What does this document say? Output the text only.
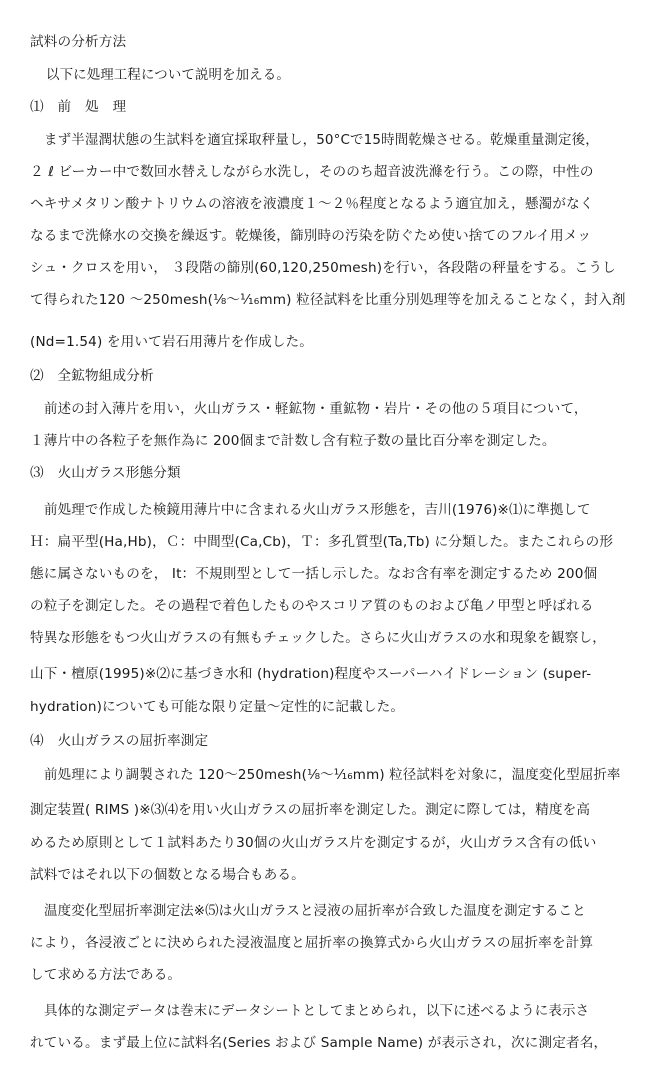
試料の分析方法
以下に処理工程について説明を加える。
⑴　前　処　理
まず半湿潤状態の生試料を適宜採取秤量し，50°Cで15時間乾燥させる。乾燥重量測定後，
２ ℓ ビーカー中で数回水替えしながら水洗し，そののち超音波洗滌を行う。この際，中性の
ヘキサメタリン酸ナトリウムの溶液を液濃度１～２％程度となるよう適宜加え，懸濁がなく
なるまで洗條水の交換を繰返す。乾燥後，篩別時の汚染を防ぐため使い捨てのフルイ用メッ
シュ・クロスを用い， ３段階の篩別(60,120,250mesh)を行い，各段階の秤量をする。こうし
て得られた120 ～250mesh(⅛～¹⁄₁₆mm) 粒径試料を比重分別処理等を加えることなく，封入剤
(Nd=1.54) を用いて岩石用薄片を作成した。
⑵　全鉱物組成分析
前述の封入薄片を用い，火山ガラス・軽鉱物・重鉱物・岩片・その他の５項目について，
１薄片中の各粒子を無作為に 200個まで計数し含有粒子数の量比百分率を測定した。
⑶　火山ガラス形態分類
前処理で作成した検鏡用薄片中に含まれる火山ガラス形態を，吉川(1976)※⑴に準拠して
Ｈ：扁平型(Ha,Hb)，Ｃ：中間型(Ca,Cb)，Ｔ：多孔質型(Ta,Tb) に分類した。またこれらの形
態に属さないものを， It：不規則型として一括し示した。なお含有率を測定するため 200個
の粒子を測定した。その過程で着色したものやスコリア質のものおよび亀ノ甲型と呼ばれる
特異な形態をもつ火山ガラスの有無もチェックした。さらに火山ガラスの水和現象を観察し，
山下・檀原(1995)※⑵に基づき水和 (hydration)程度やスーパーハイドレーション (super-
hydration)についても可能な限り定量～定性的に記載した。
⑷　火山ガラスの屈折率測定
前処理により調製された 120～250mesh(⅛～¹⁄₁₆mm) 粒径試料を対象に，温度変化型屈折率
測定装置( RIMS )※⑶⑷を用い火山ガラスの屈折率を測定した。測定に際しては，精度を高
めるため原則として１試料あたり30個の火山ガラス片を測定するが，火山ガラス含有の低い
試料ではそれ以下の個数となる場合もある。
温度変化型屈折率測定法※⑸は火山ガラスと浸液の屈折率が合致した温度を測定すること
により，各浸液ごとに決められた浸液温度と屈折率の換算式から火山ガラスの屈折率を計算
して求める方法である。
具体的な測定データは巻末にデータシートとしてまとめられ，以下に述べるように表示さ
れている。まず最上位に試料名(Series および Sample Name) が表示され，次に測定者名，
